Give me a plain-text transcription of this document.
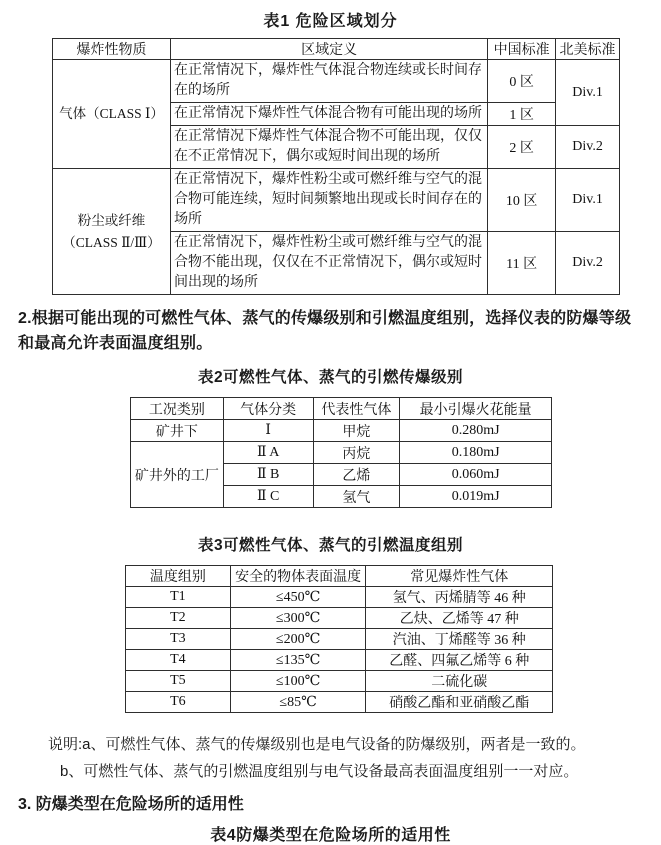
表1 危险区域划分
爆炸性物质	区域定义	中国标准	北美标准
气体（CLASS Ⅰ）	在正常情况下，爆炸性气体混合物连续或长时间存在的场所	0 区	Div.1
	在正常情况下爆炸性气体混合物有可能出现的场所	1 区	
	在正常情况下爆炸性气体混合物不可能出现，仅仅在不正常情况下，偶尔或短时间出现的场所	2 区	Div.2
粉尘或纤维
（CLASS Ⅱ/Ⅲ）	在正常情况下，爆炸性粉尘或可燃纤维与空气的混合物可能连续，短时间频繁地出现或长时间存在的场所	10 区	Div.1
	在正常情况下，爆炸性粉尘或可燃纤维与空气的混合物不能出现，仅仅在不正常情况下，偶尔或短时间出现的场所	11 区	Div.2

2.根据可能出现的可燃性气体、蒸气的传爆级别和引燃温度组别，选择仪表的防爆等级和最高允许表面温度组别。

表2可燃性气体、蒸气的引燃传爆级别
工况类别	气体分类	代表性气体	最小引爆火花能量
矿井下	Ⅰ	甲烷	0.280mJ
矿井外的工厂	Ⅱ A	丙烷	0.180mJ
	Ⅱ B	乙烯	0.060mJ
	Ⅱ C	氢气	0.019mJ
表3可燃性气体、蒸气的引燃温度组别
温度组别	安全的物体表面温度	常见爆炸性气体
T1	≤450℃	氢气、丙烯腈等 46 种
T2	≤300℃	乙炔、乙烯等 47 种
T3	≤200℃	汽油、丁烯醛等 36 种
T4	≤135℃	乙醛、四氟乙烯等 6 种
T5	≤100℃	二硫化碳
T6	≤85℃	硝酸乙酯和亚硝酸乙酯
说明:a、可燃性气体、蒸气的传爆级别也是电气设备的防爆级别，两者是一致的。
b、可燃性气体、蒸气的引燃温度组别与电气设备最高表面温度组别一一对应。
3. 防爆类型在危险场所的适用性
表4防爆类型在危险场所的适用性
